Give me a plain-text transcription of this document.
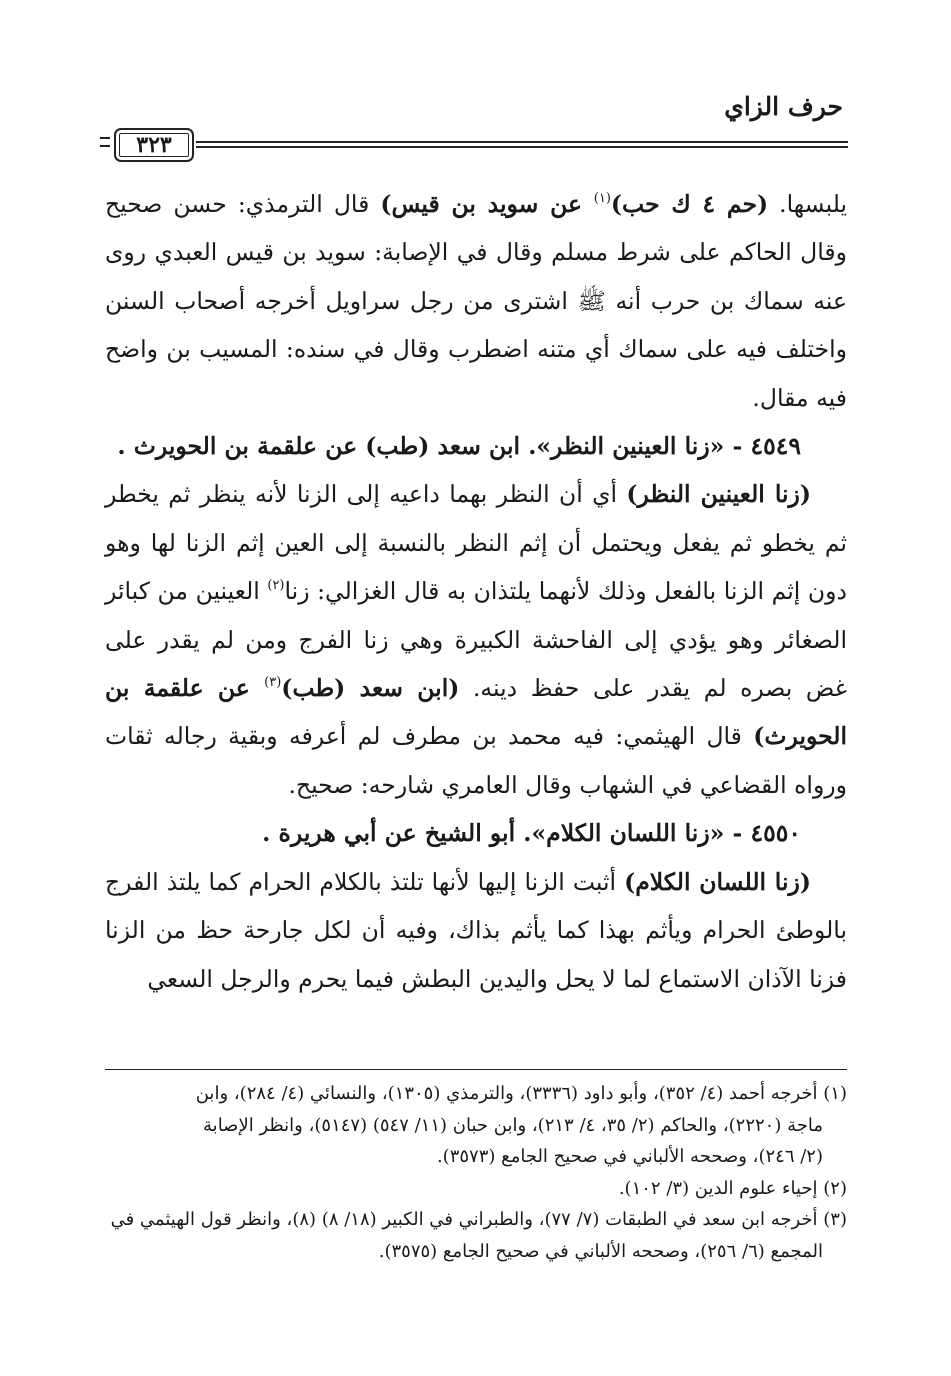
حرف الزاي
٣٢٣

يلبسها. (حم ٤ ك حب)$^{(١)}$ عن سويد بن قيس) قال الترمذي: حسن صحيح وقال الحاكم على شرط مسلم وقال في الإصابة: سويد بن قيس العبدي روى عنه سماك بن حرب أنه ﷺ اشترى من رجل سراويل أخرجه أصحاب السنن واختلف فيه على سماك أي متنه اضطرب وقال في سنده: المسيب بن واضح فيه مقال.

٤٥٤٩ - «زنا العينين النظر». ابن سعد (طب) عن علقمة بن الحويرث .

(زنا العينين النظر) أي أن النظر بهما داعيه إلى الزنا لأنه ينظر ثم يخطر ثم يخطو ثم يفعل ويحتمل أن إثم النظر بالنسبة إلى العين إثم الزنا لها وهو دون إثم الزنا بالفعل وذلك لأنهما يلتذان به قال الغزالي: زنا$^{(٢)}$ العينين من كبائر الصغائر وهو يؤدي إلى الفاحشة الكبيرة وهي زنا الفرج ومن لم يقدر على غض بصره لم يقدر على حفظ دينه. (ابن سعد (طب)$^{(٣)}$ عن علقمة بن الحويرث) قال الهيثمي: فيه محمد بن مطرف لم أعرفه وبقية رجاله ثقات ورواه القضاعي في الشهاب وقال العامري شارحه: صحيح.

٤٥٥٠ - «زنا اللسان الكلام». أبو الشيخ عن أبي هريرة .

(زنا اللسان الكلام) أثبت الزنا إليها لأنها تلتذ بالكلام الحرام كما يلتذ الفرج بالوطئ الحرام ويأثم بهذا كما يأثم بذاك، وفيه أن لكل جارحة حظ من الزنا فزنا الآذان الاستماع لما لا يحل واليدين البطش فيما يحرم والرجل السعي

(١) أخرجه أحمد (٤/ ٣٥٢)، وأبو داود (٣٣٣٦)، والترمذي (١٣٠٥)، والنسائي (٤/ ٢٨٤)، وابن

ماجة (٢٢٢٠)، والحاكم (٢/ ٣٥، ٤/ ٢١٣)، وابن حبان (١١/ ٥٤٧) (٥١٤٧)، وانظر الإصابة

(٢/ ٢٤٦)، وصححه الألباني في صحيح الجامع (٣٥٧٣).

(٢) إحياء علوم الدين (٣/ ١٠٢).

(٣) أخرجه ابن سعد في الطبقات (٧/ ٧٧)، والطبراني في الكبير (١٨/ ٨) (٨)، وانظر قول الهيثمي في

المجمع (٦/ ٢٥٦)، وصححه الألباني في صحيح الجامع (٣٥٧٥).
